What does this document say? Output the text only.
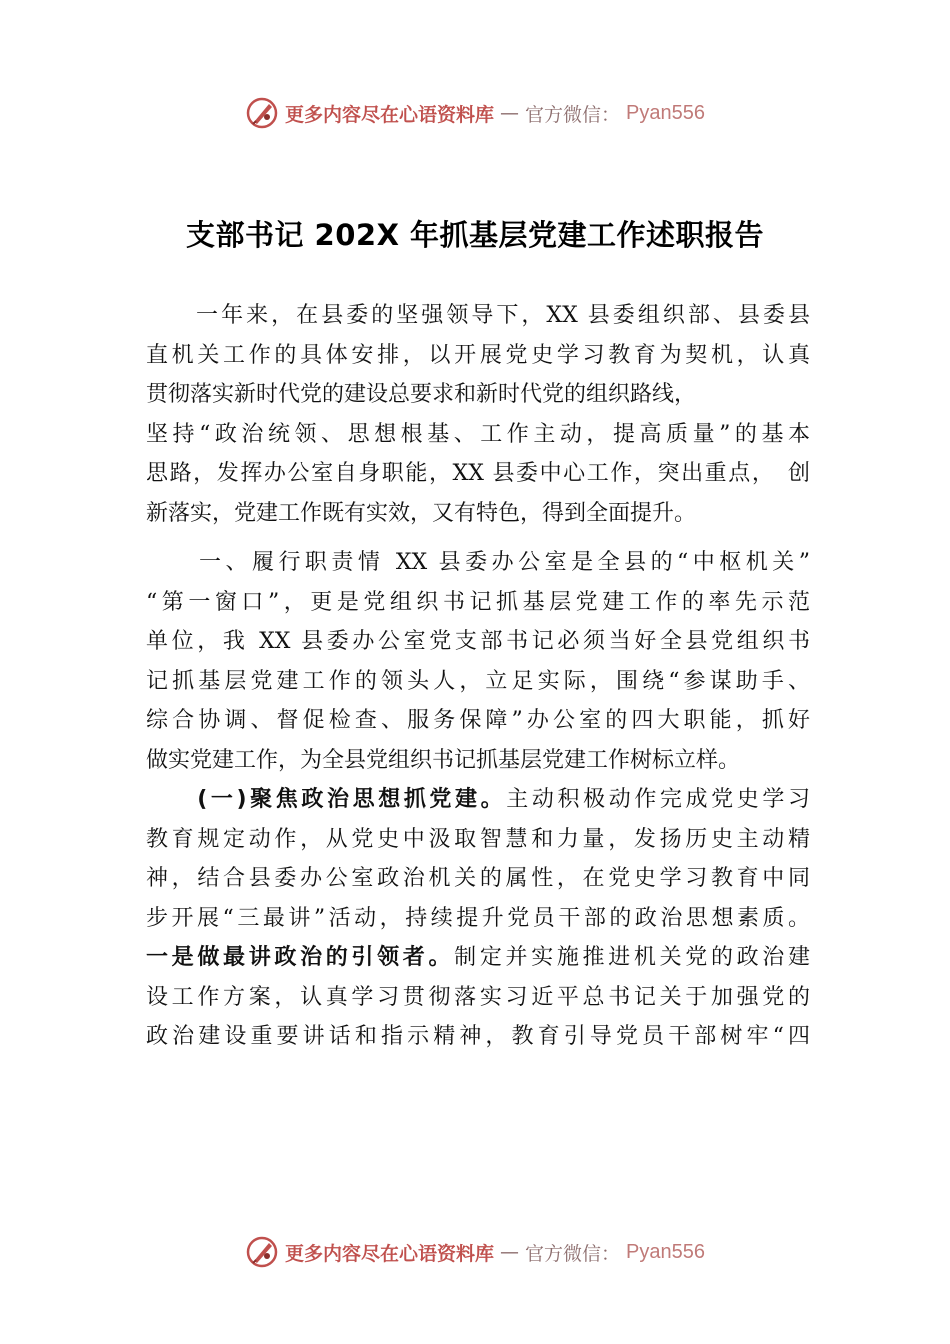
更多内容尽在心语资料库 — 官方微信： Pyan556
支部书记 202X 年抓基层党建工作述职报告
　　一年来，在县委的坚强领导下，XX 县委组织部、县委县
直机关工作的具体安排，以开展党史学习教育为契机，认真
贯彻落实新时代党的建设总要求和新时代党的组织路线，
坚持“政治统领、思想根基、工作主动，提高质量”的基本
思路，发挥办公室自身职能，XX 县委中心工作，突出重点，　创
新落实，党建工作既有实效，又有特色，得到全面提升。
　　一、履行职责情 XX 县委办公室是全县的“中枢机关”
“第一窗口”，更是党组织书记抓基层党建工作的率先示范
单位，我 XX 县委办公室党支部书记必须当好全县党组织书
记抓基层党建工作的领头人，立足实际，围绕“参谋助手、
综合协调、督促检查、服务保障”办公室的四大职能，抓好
做实党建工作，为全县党组织书记抓基层党建工作树标立样。
　　(一)聚焦政治思想抓党建。主动积极动作完成党史学习
教育规定动作，从党史中汲取智慧和力量，发扬历史主动精
神，结合县委办公室政治机关的属性，在党史学习教育中同
步开展“三最讲”活动，持续提升党员干部的政治思想素质。
一是做最讲政治的引领者。制定并实施推进机关党的政治建
设工作方案，认真学习贯彻落实习近平总书记关于加强党的
政治建设重要讲话和指示精神，教育引导党员干部树牢“四
更多内容尽在心语资料库 — 官方微信： Pyan556
